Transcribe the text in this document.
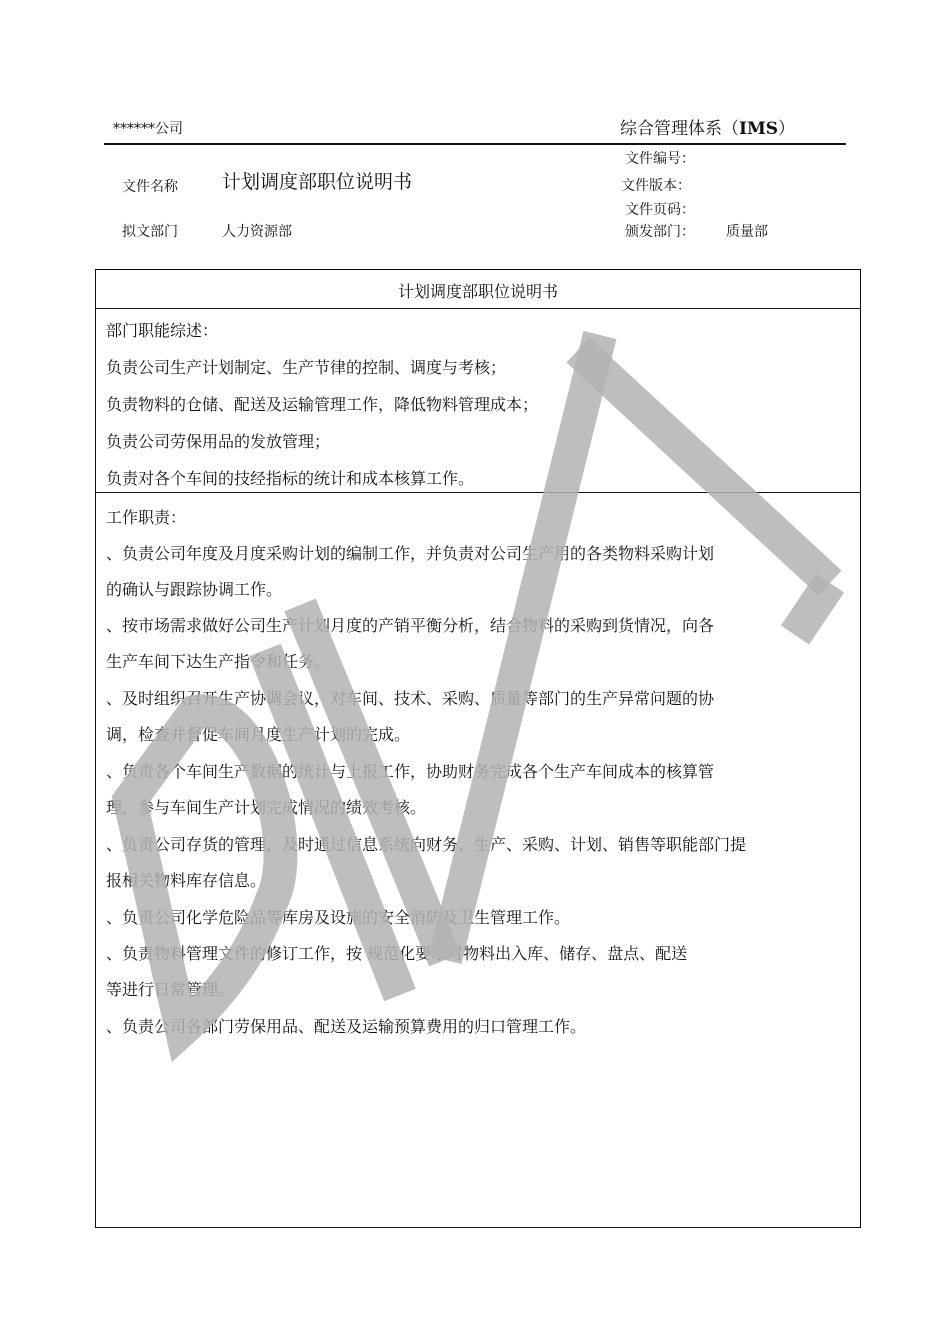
******公司	综合管理体系（IMS）
文件名称 计划调度部职位说明书
拟文部门	人力资源部
文件编号：
文件版本：
文件页码：
颁发部门： 质量部
计划调度部职位说明书
部门职能综述：
负责公司生产计划制定、生产节律的控制、调度与考核；
负责物料的仓储、配送及运输管理工作，降低物料管理成本；
负责公司劳保用品的发放管理；
负责对各个车间的技经指标的统计和成本核算工作。
工作职责：
、负责公司年度及月度采购计划的编制工作，并负责对公司生产用的各类物料采购计划
的确认与跟踪协调工作。
、按市场需求做好公司生产计划月度的产销平衡分析，结合物料的采购到货情况，向各
生产车间下达生产指令和任务。
、及时组织召开生产协调会议，对车间、技术、采购、质量等部门的生产异常问题的协
调，检查并督促车间月度生产计划的完成。
、负责各个车间生产数据的统计与上报工作，协助财务完成各个生产车间成本的核算管
理，参与车间生产计划完成情况的绩效考核。
、负责公司存货的管理，及时通过信息系统向财务、生产、采购、计划、销售等职能部门提
报相关物料库存信息。
、负责公司化学危险品等库房及设施的安全消防及卫生管理工作。
、负责物料管理文件的修订工作，按 规范化要求对物料出入库、储存、盘点、配送
等进行日常管理。
、负责公司各部门劳保用品、配送及运输预算费用的归口管理工作。
